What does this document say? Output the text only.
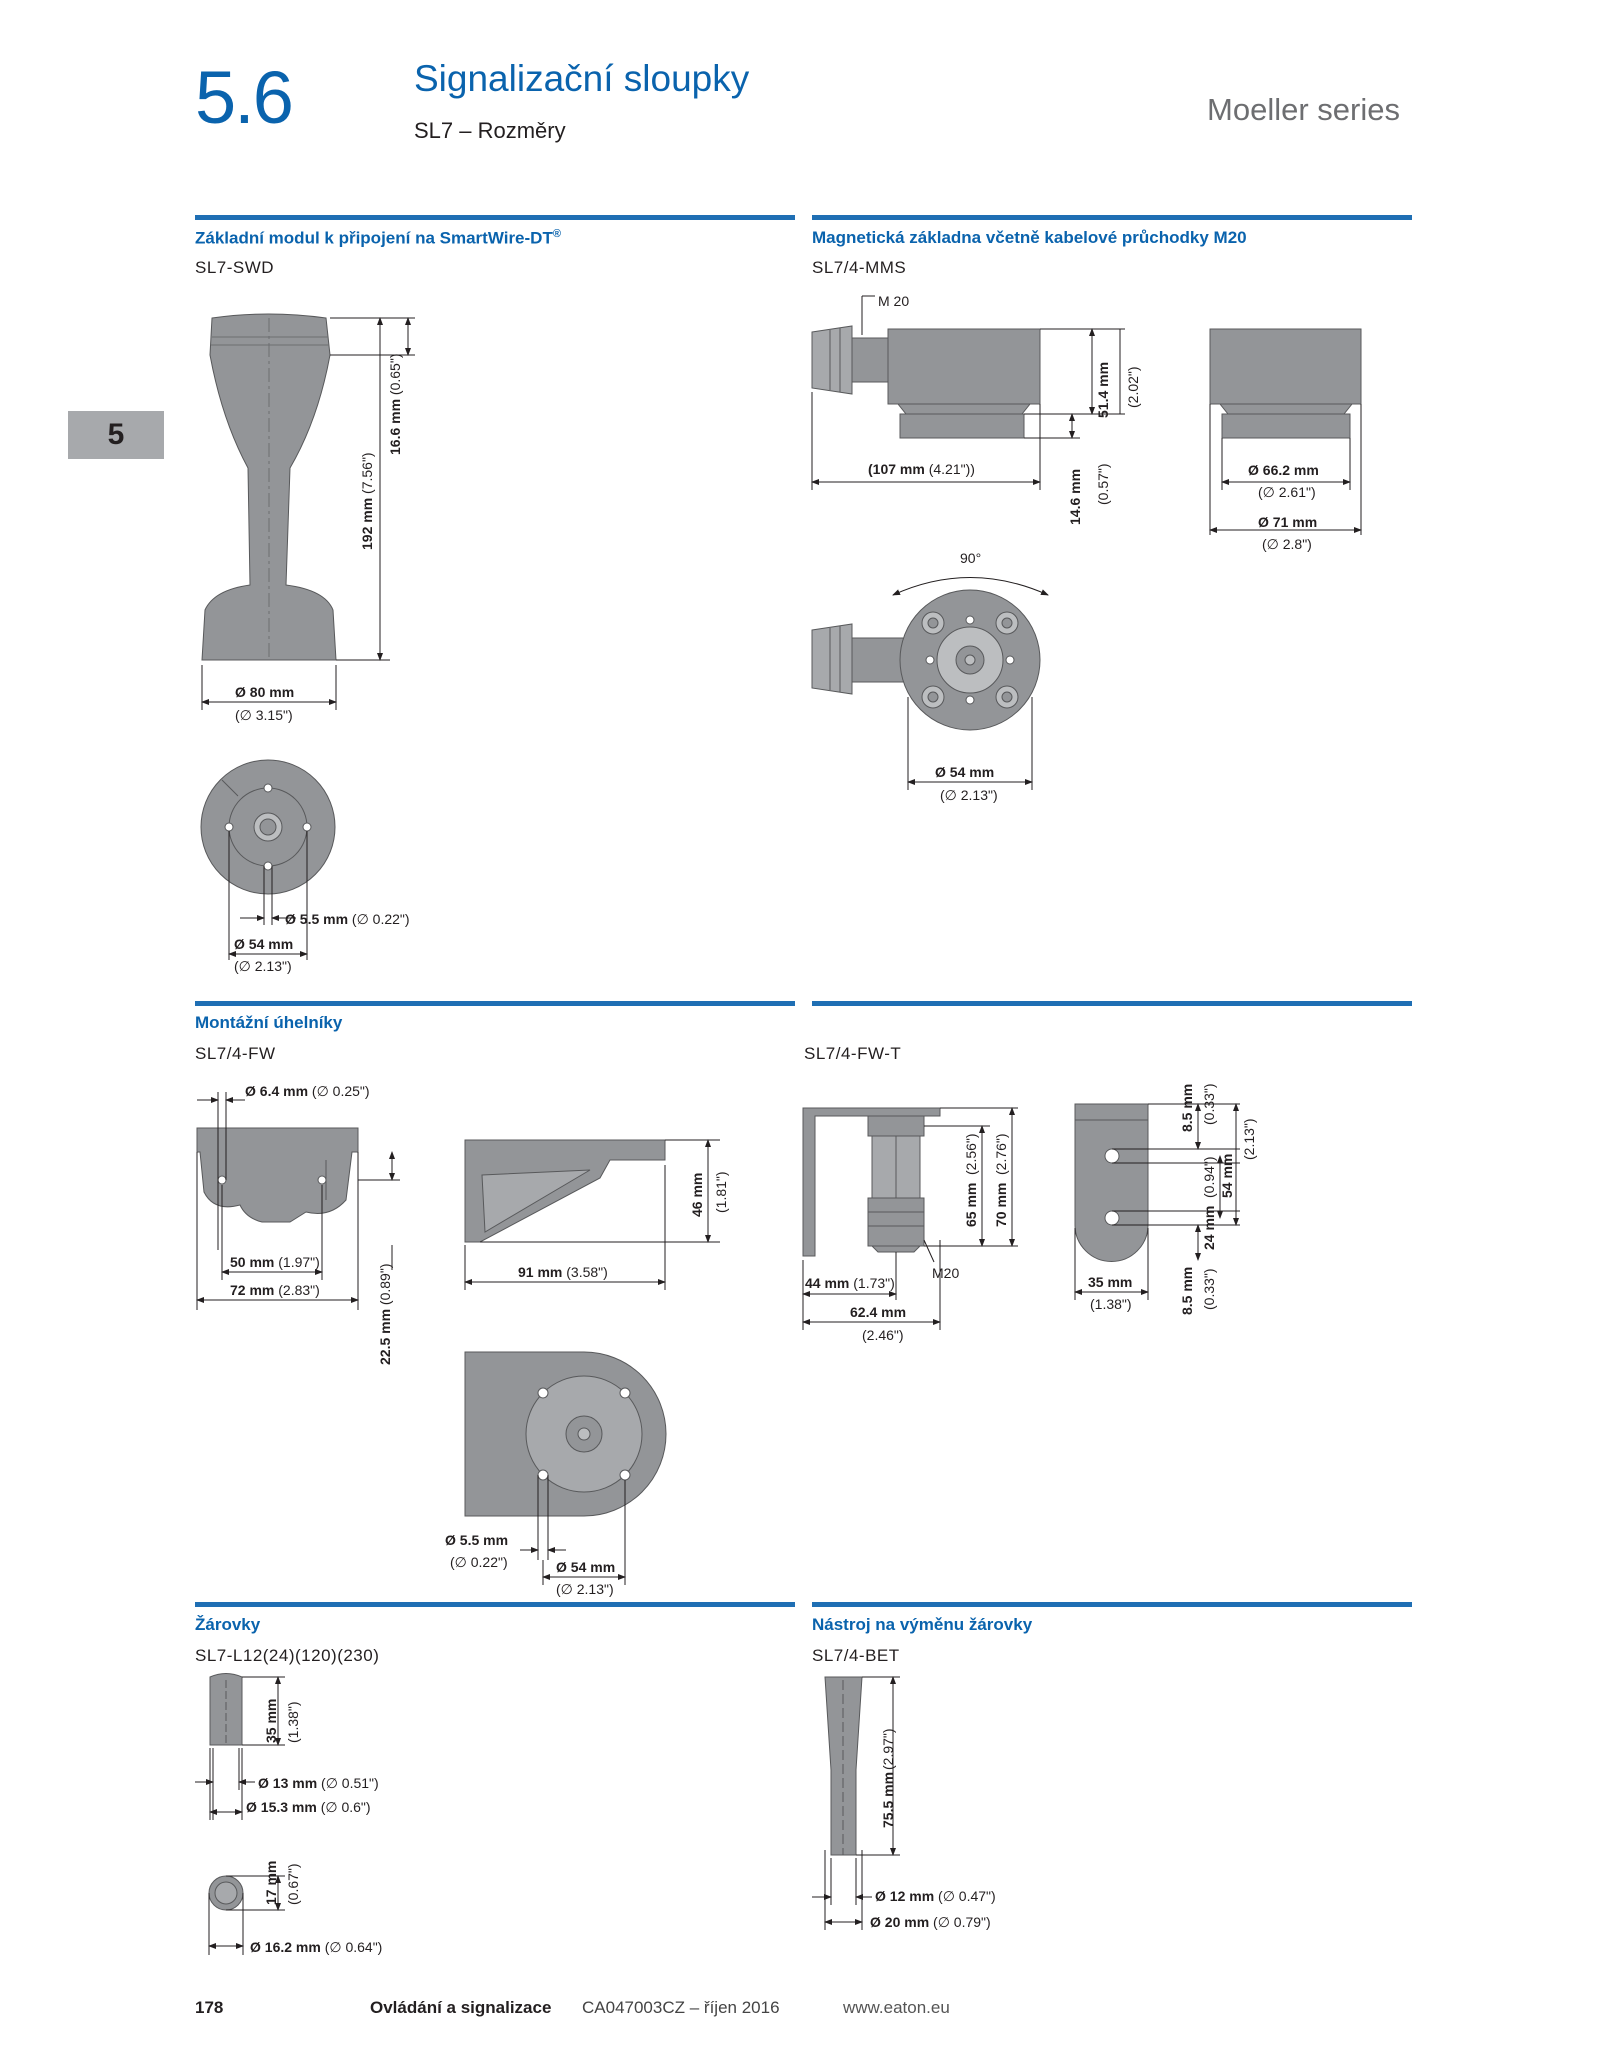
5.6	Signalizační sloupky
SL7 – Rozměry
Moeller series
5
Základní modul k připojení na SmartWire-DT®
SL7-SWD
Magnetická základna včetně kabelové průchodky M20
SL7/4-MMS
Montážní úhelníky
SL7/4-FW	SL7/4-FW-T
Žárovky
SL7-L12(24)(120)(230)
Nástroj na výměnu žárovky
SL7/4-BET
16.6 mm (0.65")
192 mm (7.56")
Ø 80 mm
(∅ 3.15")
Ø 5.5 mm (∅ 0.22")
Ø 54 mm
(∅ 2.13")
M 20
51.4 mm (2.02")
(107 mm (4.21"))	14.6 mm (0.57")	Ø 66.2 mm
(∅ 2.61")
Ø 71 mm
(∅ 2.8")
90°
Ø 54 mm
(∅ 2.13")
Ø 6.4 mm (∅ 0.25")
50 mm (1.97")
72 mm (2.83")
22.5 mm (0.89")
46 mm (1.81")
91 mm (3.58")
Ø 5.5 mm
(∅ 0.22")	Ø 54 mm
(∅ 2.13")
65 mm
(2.56")
70 mm
(2.76")
44 mm (1.73")
M20
62.4 mm
(2.46")
8.5 mm (0.33")
24 mm
(0.94") 54 mm
(2.13")
8.5 mm (0.33")
35 mm
(1.38")
35 mm (1.38")
Ø 13 mm (∅ 0.51")
Ø 15.3 mm (∅ 0.6")
17 mm (0.67")
Ø 16.2 mm (∅ 0.64")
75.5 mm
(2.97")
Ø 12 mm (∅ 0.47")
Ø 20 mm (∅ 0.79")
178	Ovládání a signalizace CA047003CZ – říjen 2016	www.eaton.eu
